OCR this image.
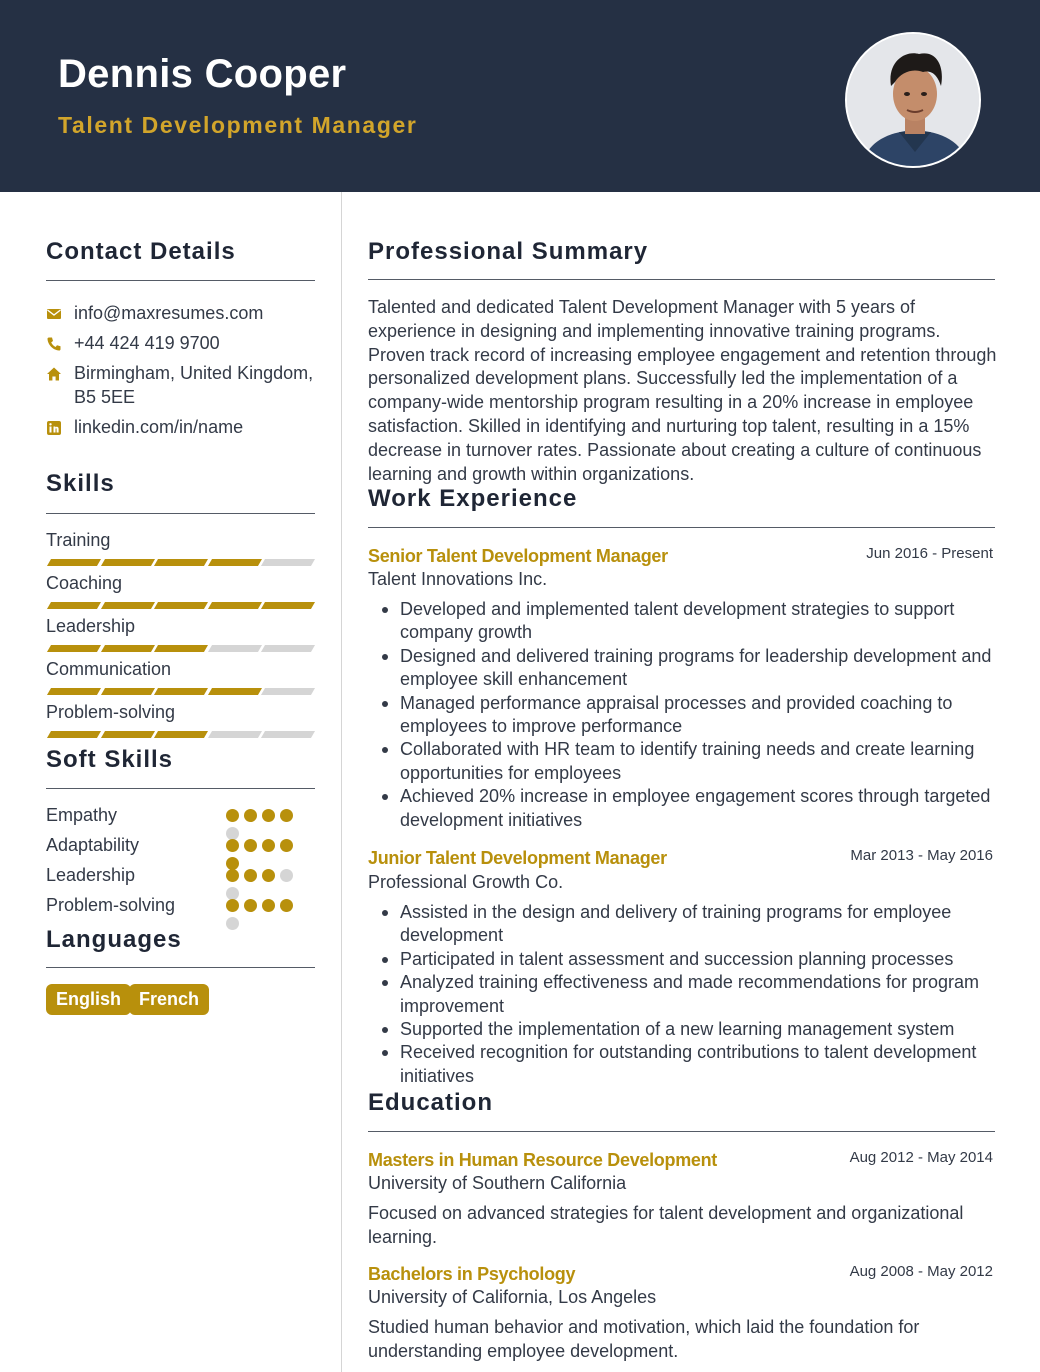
Dennis Cooper
Talent Development Manager
Contact Details
info@maxresumes.com
+44 424 419 9700
Birmingham, United Kingdom,
B5 5EE
linkedin.com/in/name
Skills
Training
Coaching
Leadership
Communication
Problem-solving
Soft Skills
Empathy
Adaptability
Leadership
Problem-solving
Languages
English French
Professional Summary
Talented and dedicated Talent Development Manager with 5 years of experience in designing and implementing innovative training programs. Proven track record of increasing employee engagement and retention through personalized development plans. Successfully led the implementation of a company-wide mentorship program resulting in a 20% increase in employee satisfaction. Skilled in identifying and nurturing top talent, resulting in a 15% decrease in turnover rates. Passionate about creating a culture of continuous learning and growth within organizations.
Work Experience
Senior Talent Development Manager	Jun 2016 - Present
Talent Innovations Inc.
Developed and implemented talent development strategies to support company growth
Designed and delivered training programs for leadership development and employee skill enhancement
Managed performance appraisal processes and provided coaching to employees to improve performance
Collaborated with HR team to identify training needs and create learning opportunities for employees
Achieved 20% increase in employee engagement scores through targeted development initiatives
Junior Talent Development Manager	Mar 2013 - May 2016
Professional Growth Co.
Assisted in the design and delivery of training programs for employee development
Participated in talent assessment and succession planning processes
Analyzed training effectiveness and made recommendations for program improvement
Supported the implementation of a new learning management system
Received recognition for outstanding contributions to talent development initiatives
Education
Masters in Human Resource Development	Aug 2012 - May 2014
University of Southern California
Focused on advanced strategies for talent development and organizational learning.
Bachelors in Psychology	Aug 2008 - May 2012
University of California, Los Angeles
Studied human behavior and motivation, which laid the foundation for understanding employee development.
